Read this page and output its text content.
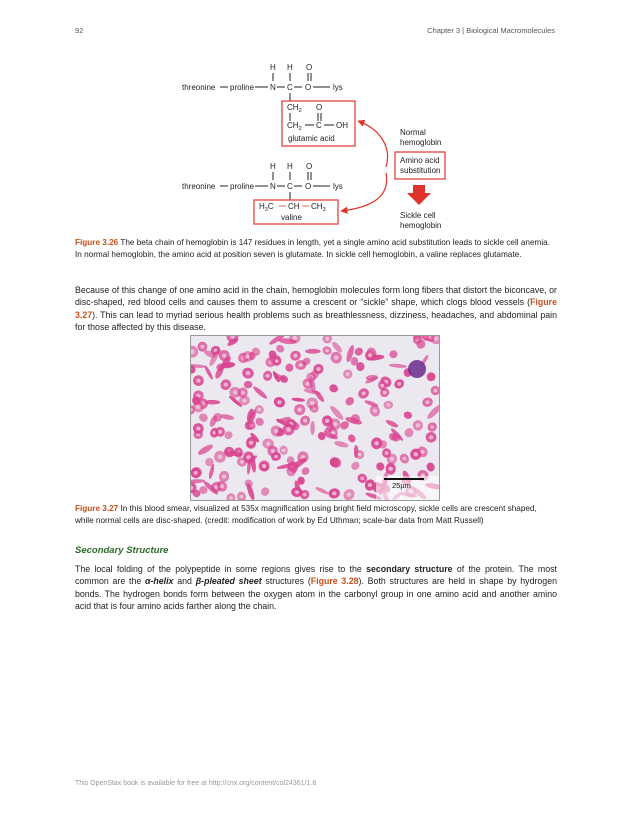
92	Chapter 3 | Biological Macromolecules
H H O
threonine proline N C O	lys
$CH_2$ O
$CH_2$ C OH
glutamic acid
Normal
hemoglobin
Amino acid
substitution
Sickle cell
hemoglobin
H H O
threonine proline N C O	lys
$H_3C$ CH $CH_3$
valine
Figure 3.26 The beta chain of hemoglobin is 147 residues in length, yet a single amino acid substitution leads to sickle cell anemia. In normal hemoglobin, the amino acid at position seven is glutamate. In sickle cell hemoglobin, a valine replaces glutamate.
Because of this change of one amino acid in the chain, hemoglobin molecules form long fibers that distort the biconcave, or disc-shaped, red blood cells and causes them to assume a crescent or “sickle” shape, which clogs blood vessels (Figure 3.27). This can lead to myriad serious health problems such as breathlessness, dizziness, headaches, and abdominal pain for those affected by this disease.
25µm
Figure 3.27 In this blood smear, visualized at 535x magnification using bright field microscopy, sickle cells are crescent shaped, while normal cells are disc-shaped. (credit: modification of work by Ed Uthman; scale-bar data from Matt Russell)
Secondary Structure
The local folding of the polypeptide in some regions gives rise to the secondary structure of the protein. The most common are the α-helix and β-pleated sheet structures (Figure 3.28). Both structures are held in shape by hydrogen bonds. The hydrogen bonds form between the oxygen atom in the carbonyl group in one amino acid and another amino acid that is four amino acids farther along the chain.
This OpenStax book is available for free at http://cnx.org/content/col24361/1.8
